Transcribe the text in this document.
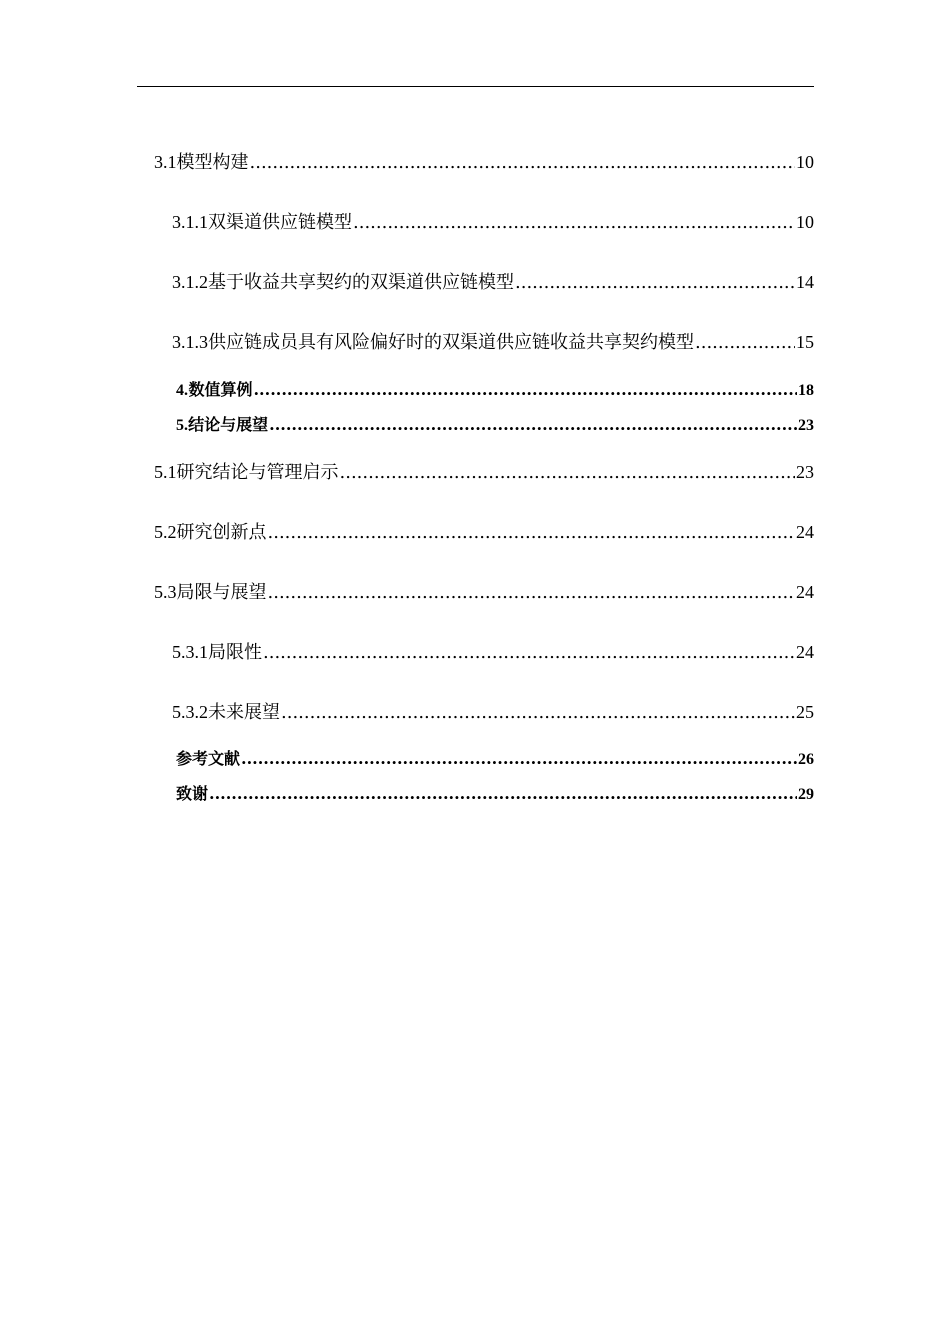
3.1 模型构建 .....	10
3.1.1 双渠道供应链模型 .....	10
3.1.2 基于收益共享契约的双渠道供应链模型 .....	14
3.1.3 供应链成员具有风险偏好时的双渠道供应链收益共享契约模型 .....	15
4. 数值算例 .....	18
5. 结论与展望 .....	23
5.1 研究结论与管理启示 .....	23
5.2 研究创新点 .....	24
5.3 局限与展望 .....	24
5.3.1 局限性 .....	24
5.3.2 未来展望 .....	25
参考文献 .....	26
致谢 .....	29
